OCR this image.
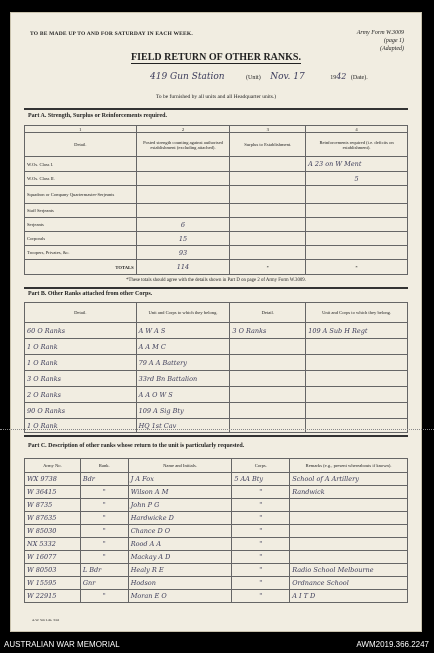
TO BE MADE UP TO AND FOR SATURDAY IN EACH WEEK.	Army Form W.3009
(page 1)
(Adapted)
FIELD RETURN OF OTHER RANKS.
419 Gun Station	(Unit) Nov. 17	1942 (Date).
To be furnished by all units and all Headquarter units.)
Part A. Strength, Surplus or Reinforcements required.
1	2	3	4
Detail.	Posted strength counting against authorised establishment (excluding attached).	Surplus to Establishment.	Reinforcements required (i.e. deficits on establishment).
W.Os. Class I.			A 23 on W Ment
W.Os. Class II.			5
Squadron or Company Quartermaster-Serjeants			
Staff Serjeants			
Serjeants	6		
Corporals	15		
Troopers, Privates, &c.	93		
TOTALS	114	*	*
*These totals should agree with the details shown in Part D on page 2 of Army Form W.3009.
Part B. Other Ranks attached from other Corps.
Detail.	Unit and Corps to which they belong.	Detail.	Unit and Corps to which they belong.
60 O Ranks	A W A S	3 O Ranks	109 A Sub H Regt
1 O Rank	A A M C		
1 O Rank	79 A A Battery		
3 O Ranks	33rd Bn Battalion		
2 O Ranks	A A O W S		
90 O Ranks	109 A Sig Bty		
1 O Rank	HQ 1st Cav		
Part C. Description of other ranks whose return to the unit is particularly requested.
Army No.	Rank.	Name and Initials.	Corps.	Remarks (e.g., present whereabouts if known).
WX 9738	Bdr	J A Fox	5 AA Bty	School of A Artillery
W 36415	"	Wilson A M	"	Randwick
W 8735	"	John P G	"	
W 87635	"	Hardwicke D	"	
W 85030	"	Chance D O	"	
NX 5332	"	Rood A A	"	
W 16077	"	Mackay A D	"	
W 80503	L Bdr	Healy R E	"	Radio School Melbourne
W 15595	Gnr	Hodson	"	Ordnance School
W 22915	"	Moran E O	"	A I T D
A.W. Sm Ldn. 3/42
AUSTRALIAN WAR MEMORIAL	AWM2019.366.2247
